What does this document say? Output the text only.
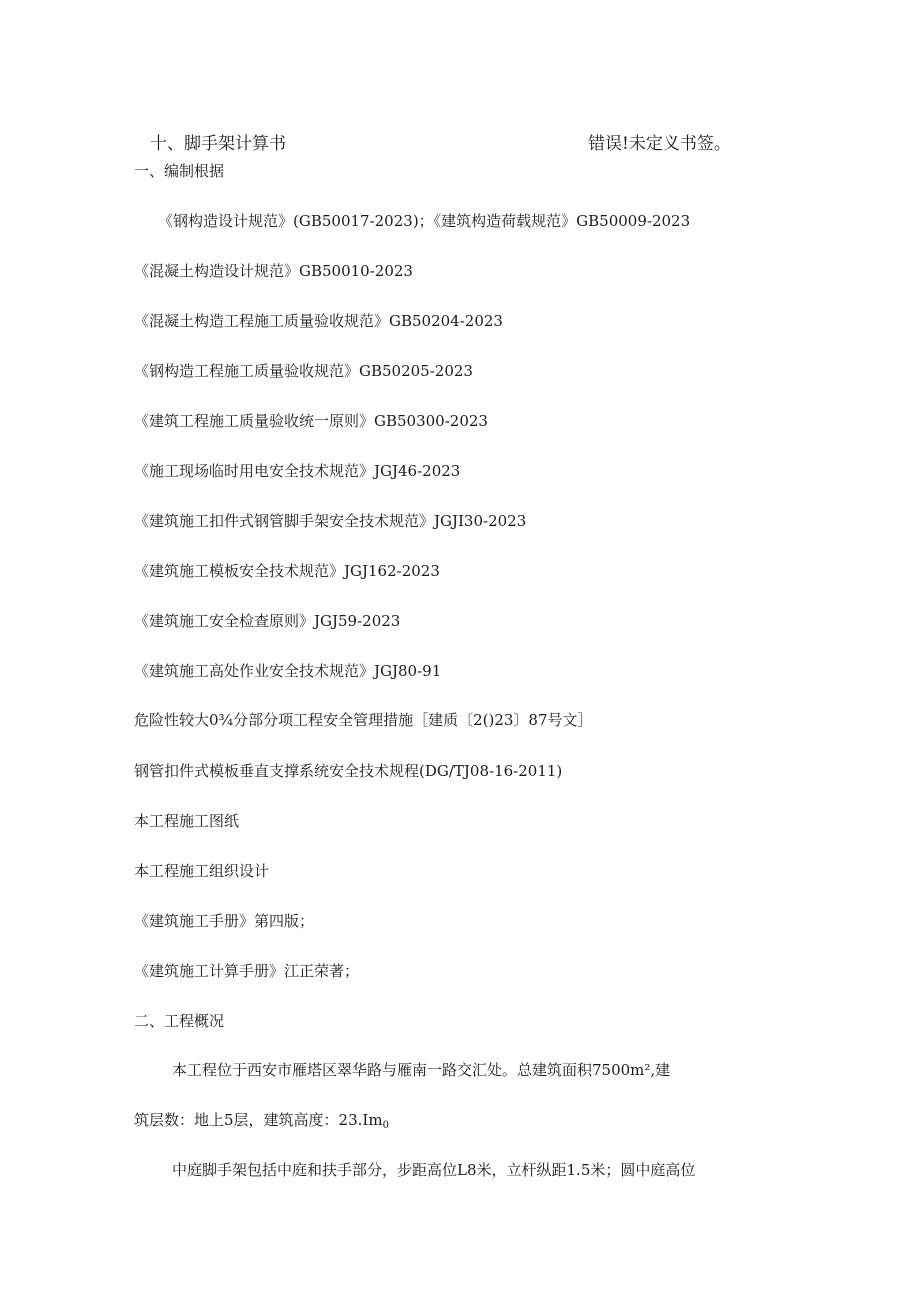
十、脚手架计算书	错误!未定义书签。
一、编制根据
《钢构造设计规范》(GB50017-2023)；《建筑构造荷载规范》GB50009-2023
《混凝土构造设计规范》GB50010-2023
《混凝土构造工程施工质量验收规范》GB50204-2023
《钢构造工程施工质量验收规范》GB50205-2023
《建筑工程施工质量验收统一原则》GB50300-2023
《施工现场临时用电安全技术规范》JGJ46-2023
《建筑施工扣件式钢管脚手架安全技术规范》JGJI30-2023
《建筑施工模板安全技术规范》JGJ162-2023
《建筑施工安全检查原则》JGJ59-2023
《建筑施工高处作业安全技术规范》JGJ80-91
危险性较大0¾分部分项工程安全管理措施［建质〔2()23〕87号文］
钢管扣件式模板垂直支撑系统安全技术规程(DG/TJ08-16-2011)
本工程施工图纸
本工程施工组织设计
《建筑施工手册》第四版；
《建筑施工计算手册》江正荣著；
二、工程概况
本工程位于西安市雁塔区翠华路与雁南一路交汇处。总建筑面积7500m²,建
筑层数：地上5层，建筑高度：$23.Im_0$
中庭脚手架包括中庭和扶手部分，步距高位L8米，立杆纵距1.5米；圆中庭高位
